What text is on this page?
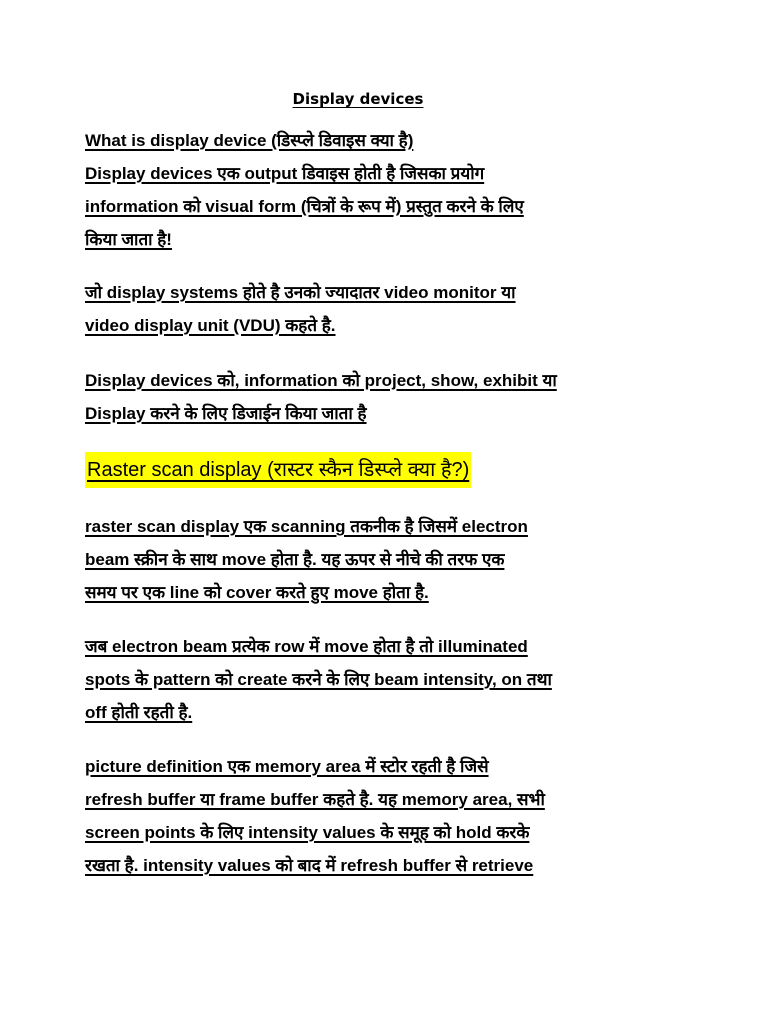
Display devices
What is display device (डिस्प्ले डिवाइस क्या है)
Display devices एक output डिवाइस होती है जिसका प्रयोग
information को visual form (चित्रों के रूप में) प्रस्तुत करने के लिए
किया जाता है!
जो display systems होते है उनको ज्यादातर video monitor या
video display unit (VDU) कहते है.
Display devices को, information को project, show, exhibit या
Display करने के लिए डिजाईन किया जाता है
Raster scan display (रास्टर स्कैन डिस्प्ले क्या है?)
raster scan display एक scanning तकनीक है जिसमें electron
beam स्क्रीन के साथ move होता है. यह ऊपर से नीचे की तरफ एक
समय पर एक line को cover करते हुए move होता है.
जब electron beam प्रत्येक row में move होता है तो illuminated
spots के pattern को create करने के लिए beam intensity, on तथा
off होती रहती है.
picture definition एक memory area में स्टोर रहती है जिसे
refresh buffer या frame buffer कहते है. यह memory area, सभी
screen points के लिए intensity values के समूह को hold करके
रखता है. intensity values को बाद में refresh buffer से retrieve
